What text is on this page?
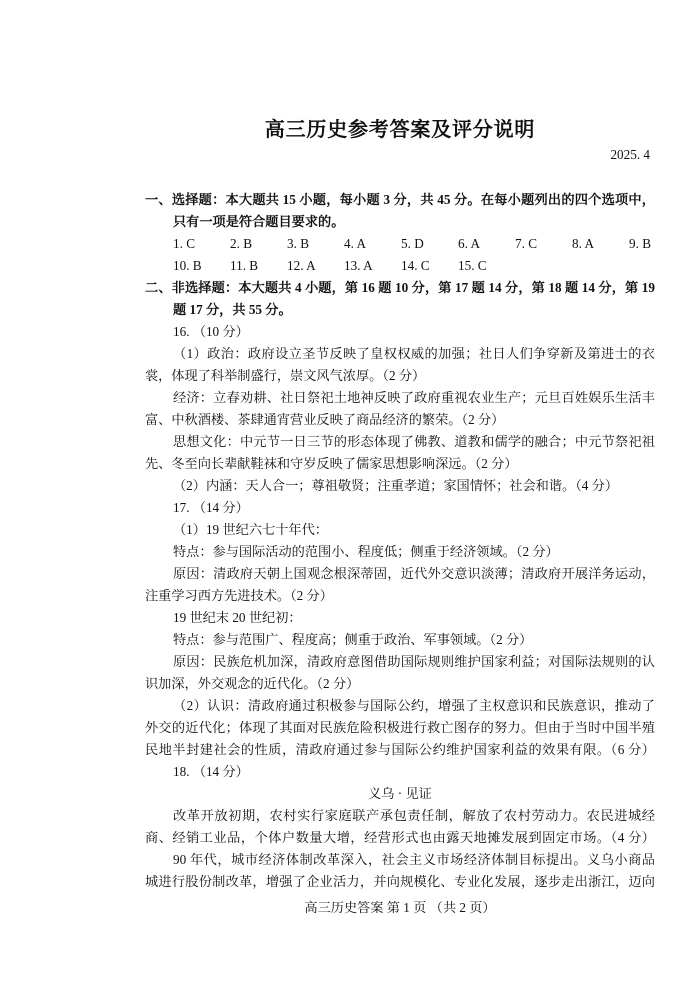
高三历史参考答案及评分说明
2025. 4
一、选择题：本大题共 15 小题，每小题 3 分，共 45 分。在每小题列出的四个选项中，
只有一项是符合题目要求的。
1. C	2. B	3. B	4. A	5. D	6. A	7. C	8. A	9. B
10. B	11. B	12. A	13. A	14. C	15. C
二、非选择题：本大题共 4 小题，第 16 题 10 分，第 17 题 14 分，第 18 题 14 分，第 19
题 17 分，共 55 分。
16. （10 分）
（1）政治：政府设立圣节反映了皇权权威的加强；社日人们争穿新及第进士的衣
裳，体现了科举制盛行，崇文风气浓厚。（2 分）
经济：立春劝耕、社日祭祀土地神反映了政府重视农业生产；元旦百姓娱乐生活丰
富、中秋酒楼、茶肆通宵营业反映了商品经济的繁荣。（2 分）
思想文化：中元节一日三节的形态体现了佛教、道教和儒学的融合；中元节祭祀祖
先、冬至向长辈献鞋袜和守岁反映了儒家思想影响深远。（2 分）
（2）内涵：天人合一；尊祖敬贤；注重孝道；家国情怀；社会和谐。（4 分）
17. （14 分）
（1）19 世纪六七十年代：
特点：参与国际活动的范围小、程度低；侧重于经济领域。（2 分）
原因：清政府天朝上国观念根深蒂固，近代外交意识淡薄；清政府开展洋务运动，
注重学习西方先进技术。（2 分）
19 世纪末 20 世纪初：
特点：参与范围广、程度高；侧重于政治、军事领域。（2 分）
原因：民族危机加深，清政府意图借助国际规则维护国家利益；对国际法规则的认
识加深，外交观念的近代化。（2 分）
（2）认识：清政府通过积极参与国际公约，增强了主权意识和民族意识，推动了
外交的近代化；体现了其面对民族危险积极进行救亡图存的努力。但由于当时中国半殖
民地半封建社会的性质，清政府通过参与国际公约维护国家利益的效果有限。（6 分）
18. （14 分）
义乌 · 见证
改革开放初期，农村实行家庭联产承包责任制，解放了农村劳动力。农民进城经
商、经销工业品，个体户数量大增，经营形式也由露天地摊发展到固定市场。（4 分）
90 年代，城市经济体制改革深入，社会主义市场经济体制目标提出。义乌小商品
城进行股份制改革，增强了企业活力，并向规模化、专业化发展，逐步走出浙江，迈向
高三历史答案 第 1 页 （共 2 页）
